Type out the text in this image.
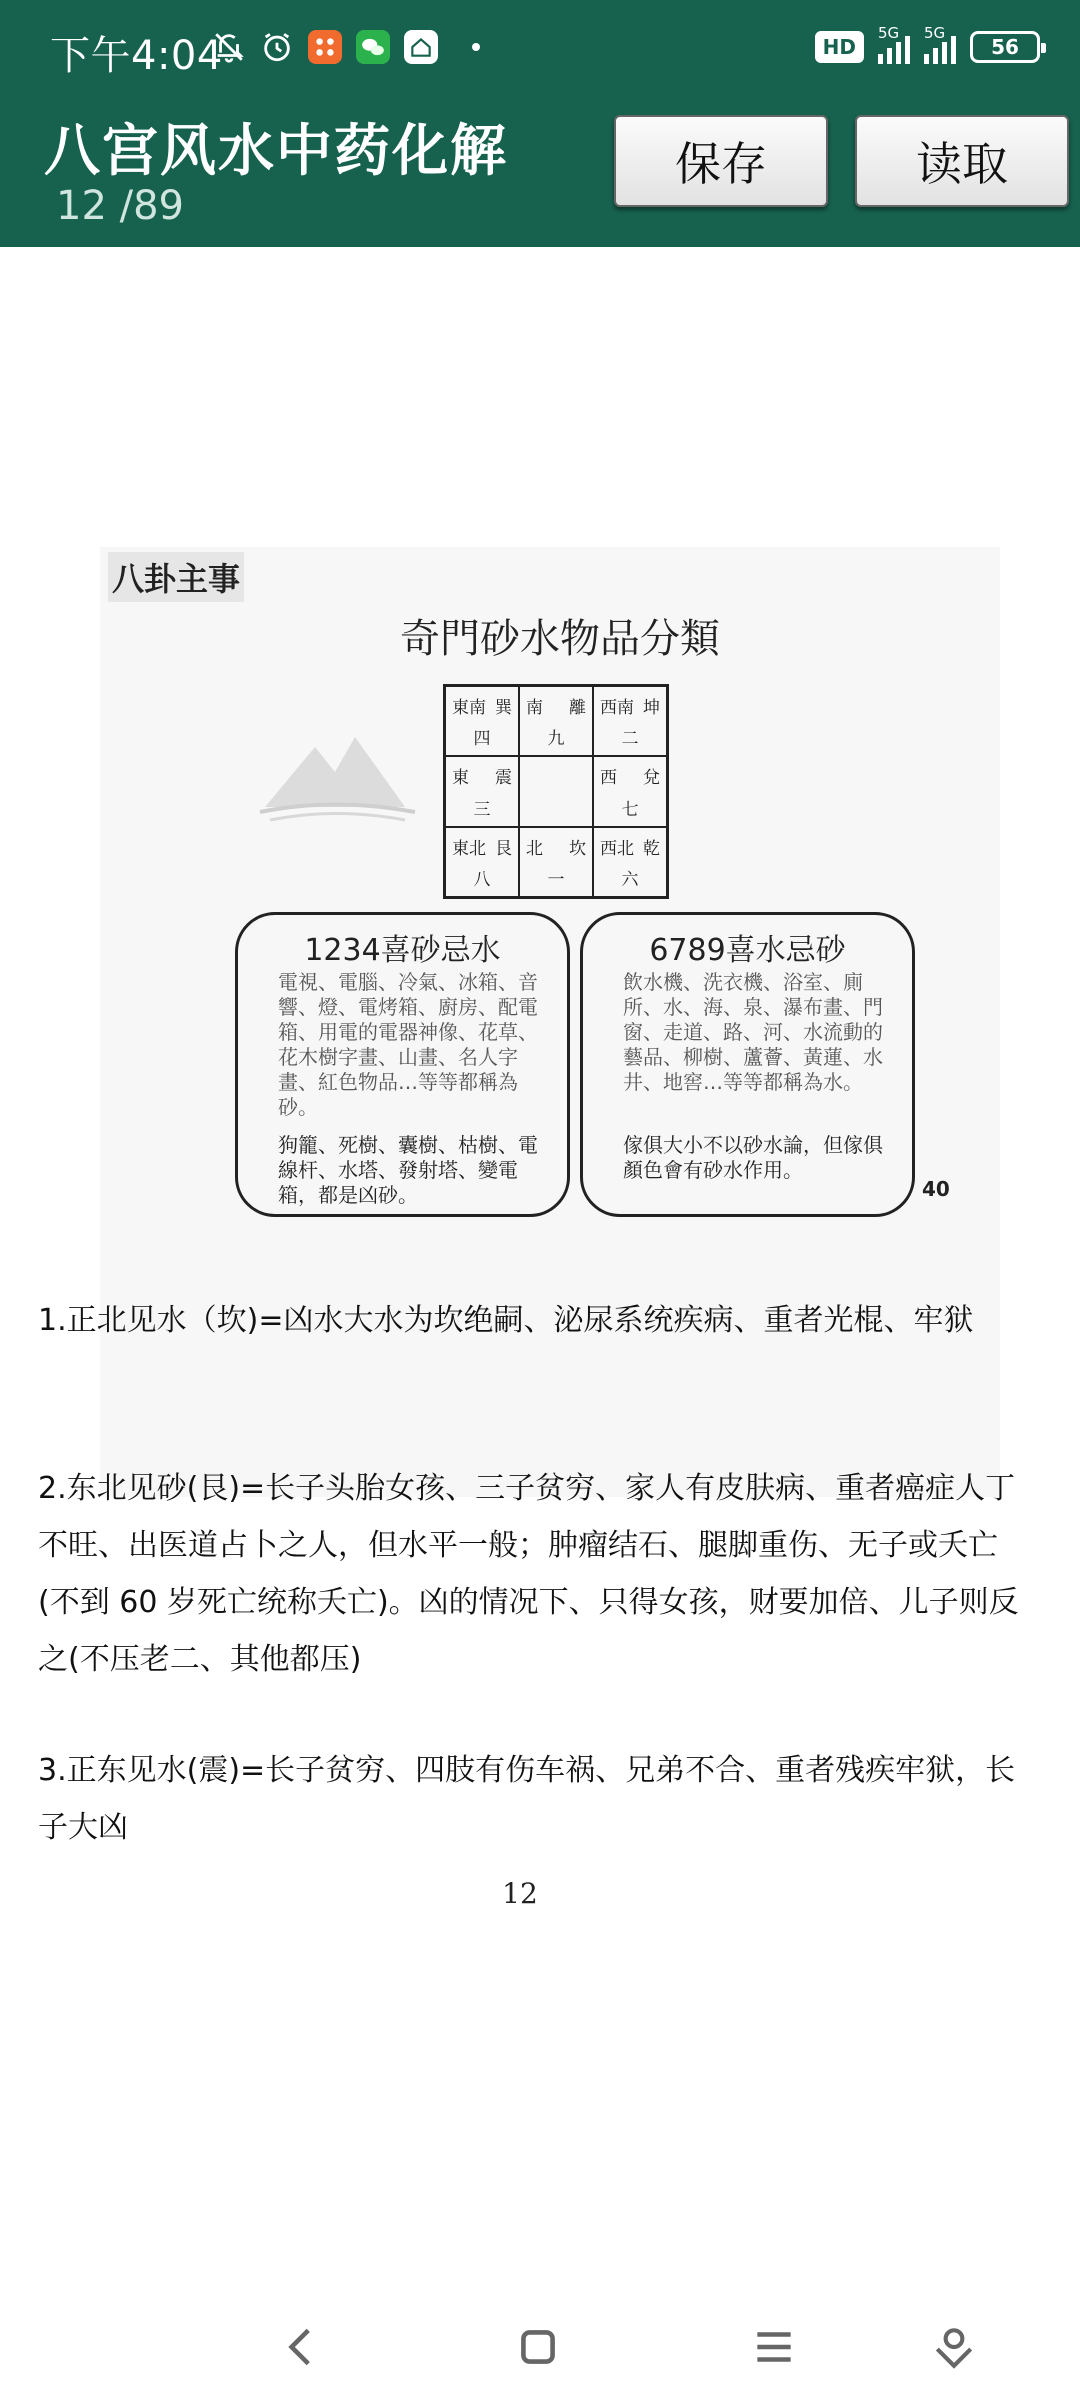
下午4:04	HD
5G 5G
56
八宫风水中药化解
12 /89
保存	读取
八卦主事
奇門砂水物品分類
東南 巽
四
南 離
九
西南 坤
二
東 震
三
西 兌
七
東北 艮
八
北 坎
一
西北 乾
六
1234喜砂忌水
電視、電腦、冷氣、冰箱、音響、燈、電烤箱、廚房、配電箱、用電的電器神像、花草、花木樹字畫、山畫、名人字畫、紅色物品…等等都稱為砂。
狗籠、死樹、囊樹、枯樹、電線杆、水塔、發射塔、變電箱，都是凶砂。
6789喜水忌砂
飲水機、洗衣機、浴室、廁所、水、海、泉、瀑布畫、門窗、走道、路、河、水流動的藝品、柳樹、蘆薈、黃蓮、水井、地窖…等等都稱為水。
傢俱大小不以砂水論，但傢俱顏色會有砂水作用。
40
1.正北见水（坎)=凶水大水为坎绝嗣、泌尿系统疾病、重者光棍、牢狱
2.东北见砂(艮)=长子头胎女孩、三子贫穷、家人有皮肤病、重者癌症人丁不旺、出医道占卜之人，但水平一般；肿瘤结石、腿脚重伤、无子或夭亡(不到 60 岁死亡统称夭亡)。凶的情况下、只得女孩，财要加倍、儿子则反之(不压老二、其他都压)
3.正东见水(震)=长子贫穷、四肢有伤车祸、兄弟不合、重者残疾牢狱，长子大凶
12
